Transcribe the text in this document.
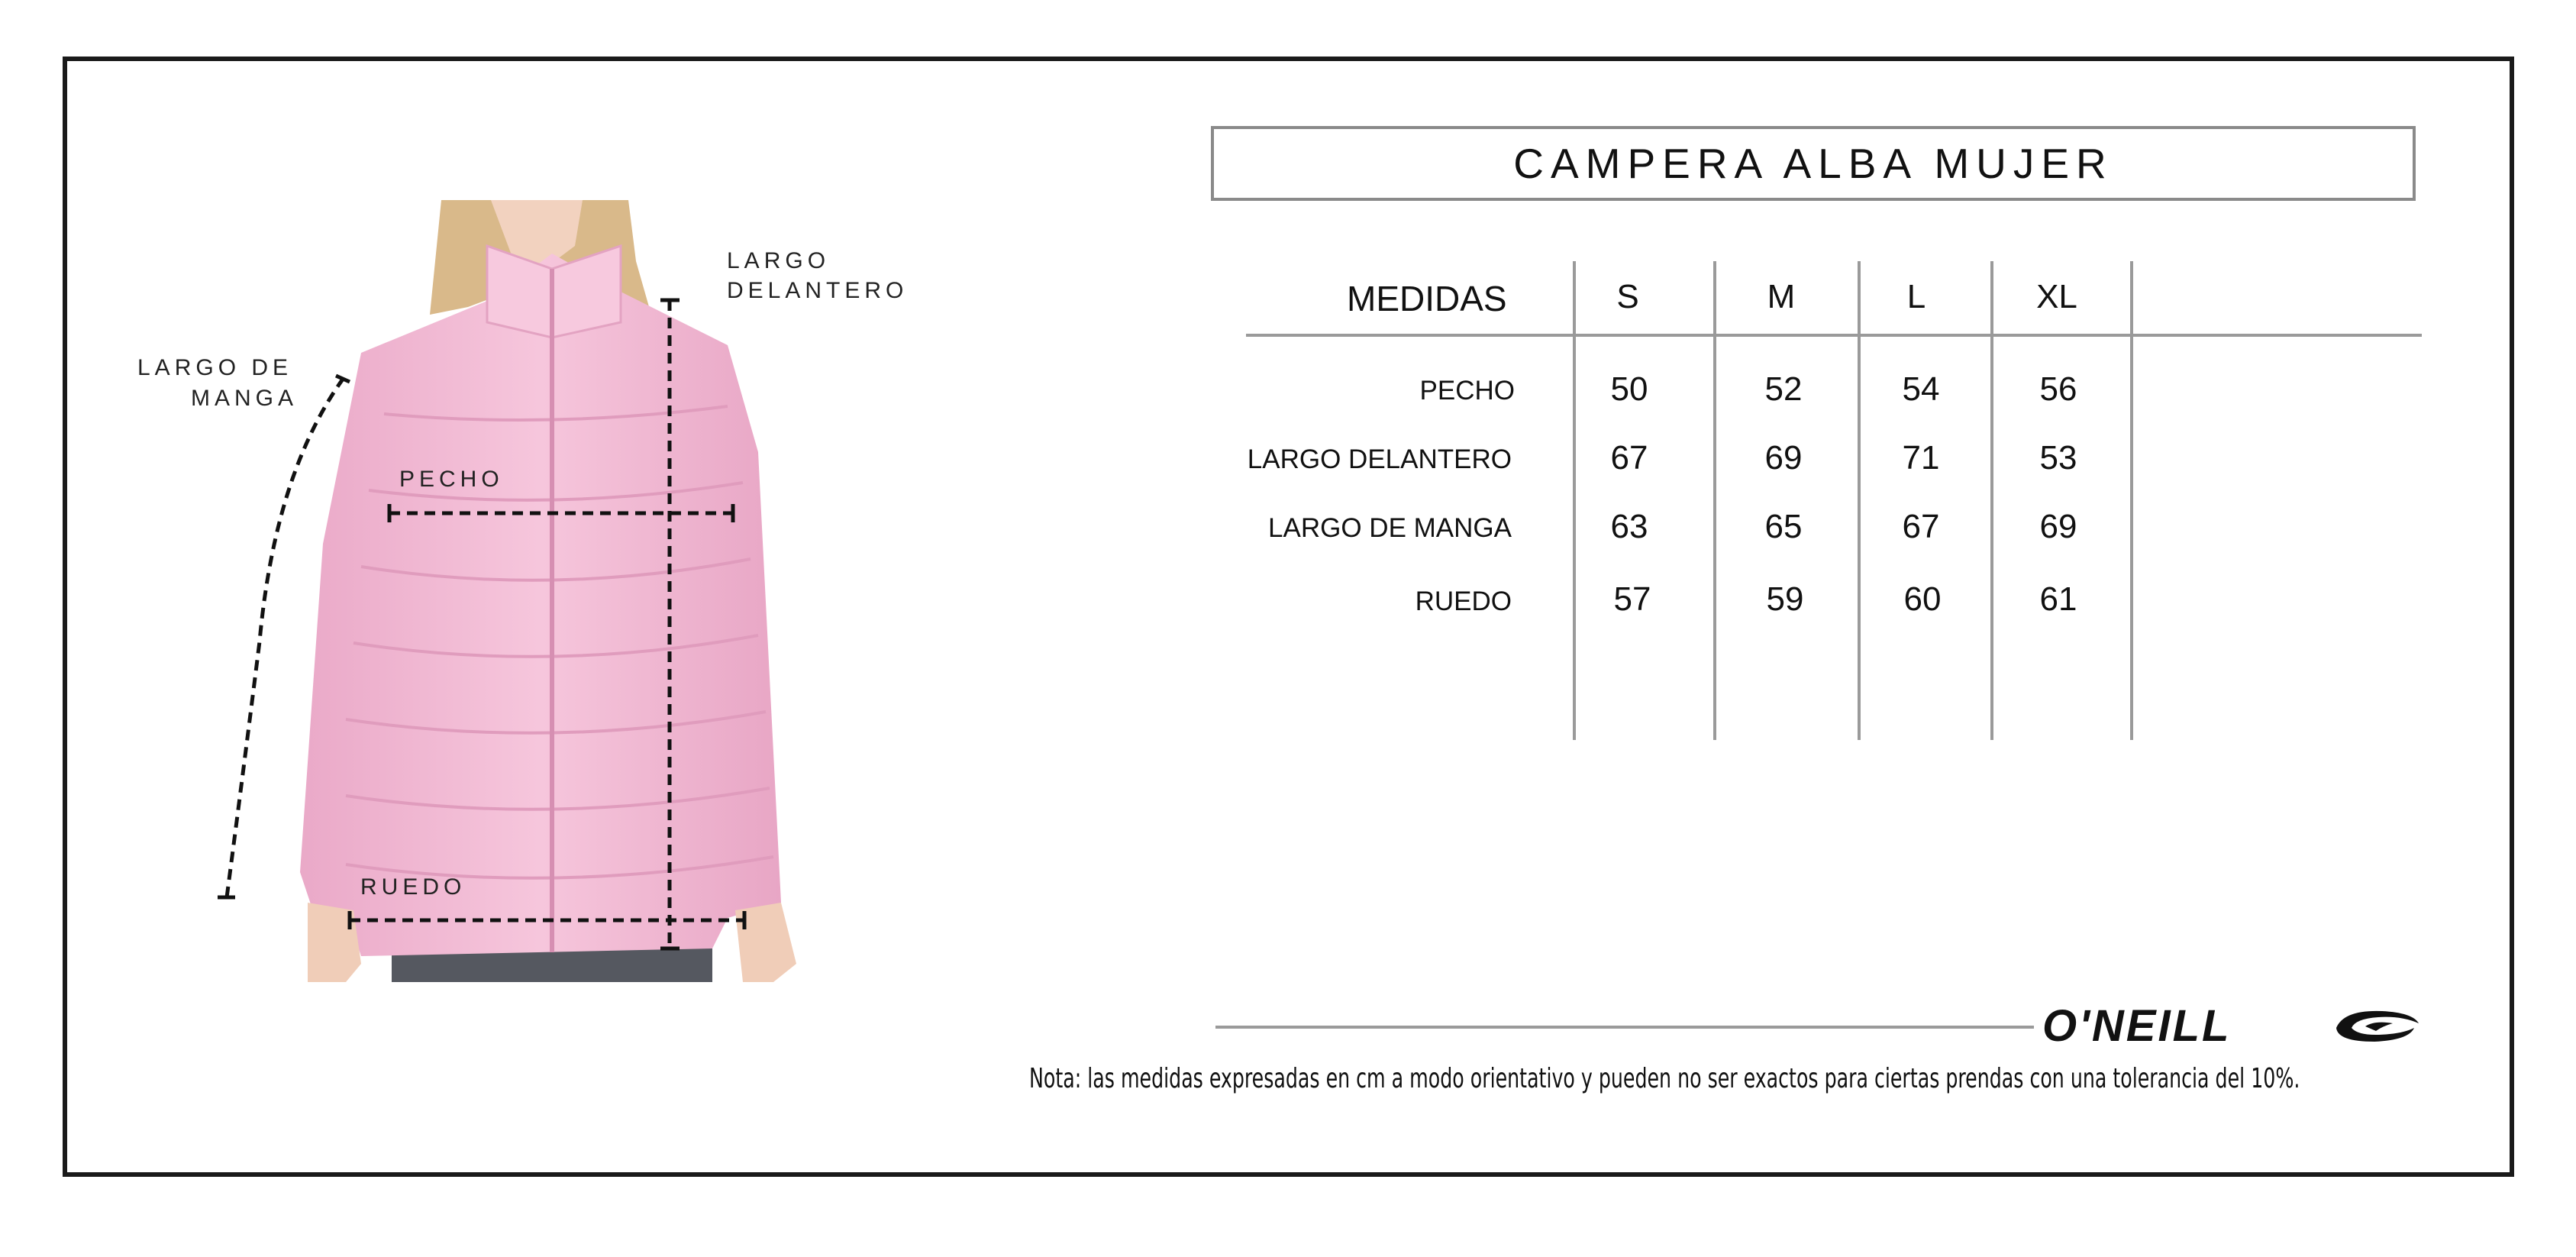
LARGO
DELANTERO
LARGO DE
MANGA
PECHO
RUEDO
CAMPERA ALBA MUJER
MEDIDAS	S	M	L	XL
PECHO	50	52	54	56
LARGO DELANTERO	67	69	71	53
LARGO DE MANGA	63	65	67	69
RUEDO	57	59	60	61
O'NEILL
Nota: las medidas expresadas en cm a modo orientativo y pueden no ser exactos para ciertas prendas con una tolerancia del 10%.
